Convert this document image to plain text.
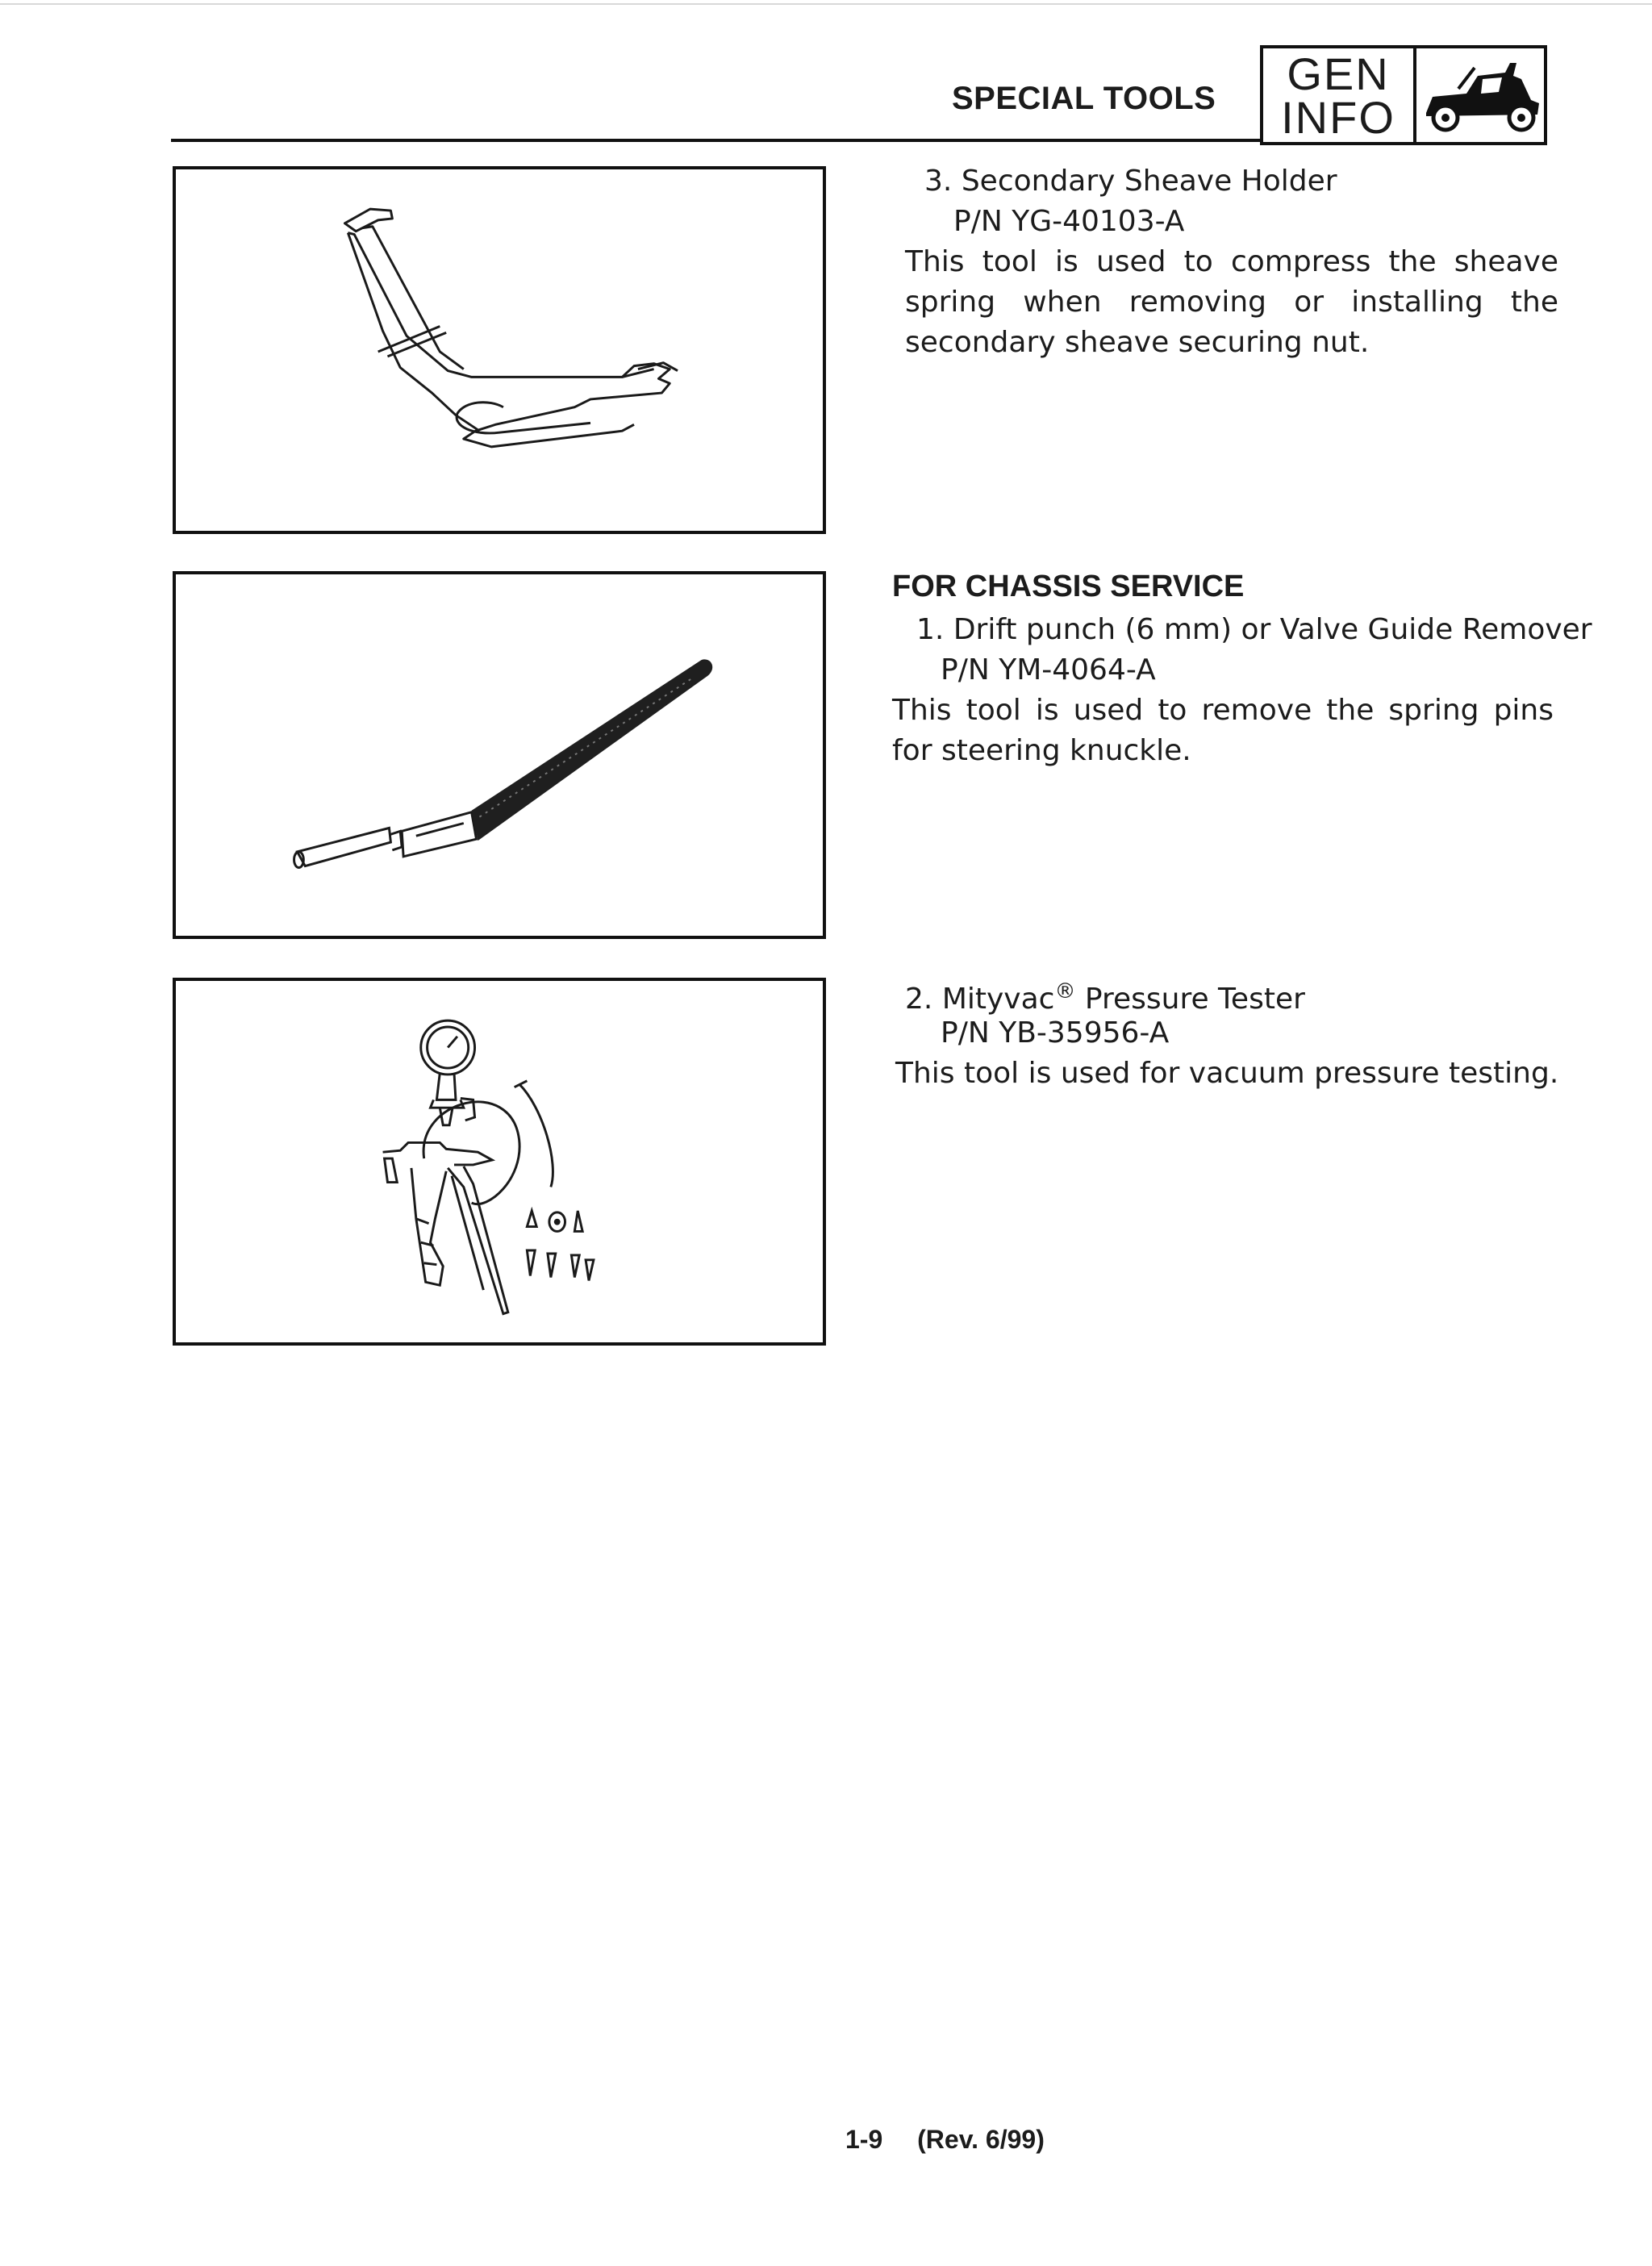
SPECIAL TOOLS	GEN
INFO
3. Secondary Sheave Holder
P/N YG-40103-A
This tool is used to compress the sheave spring when removing or installing the secondary sheave securing nut.
FOR CHASSIS SERVICE
1. Drift punch (6 mm) or Valve Guide Remover
P/N YM-4064-A
This tool is used to remove the spring pins for steering knuckle.
2. Mityvac® Pressure Tester
P/N YB-35956-A
This tool is used for vacuum pressure testing.
1-9 (Rev. 6/99)
